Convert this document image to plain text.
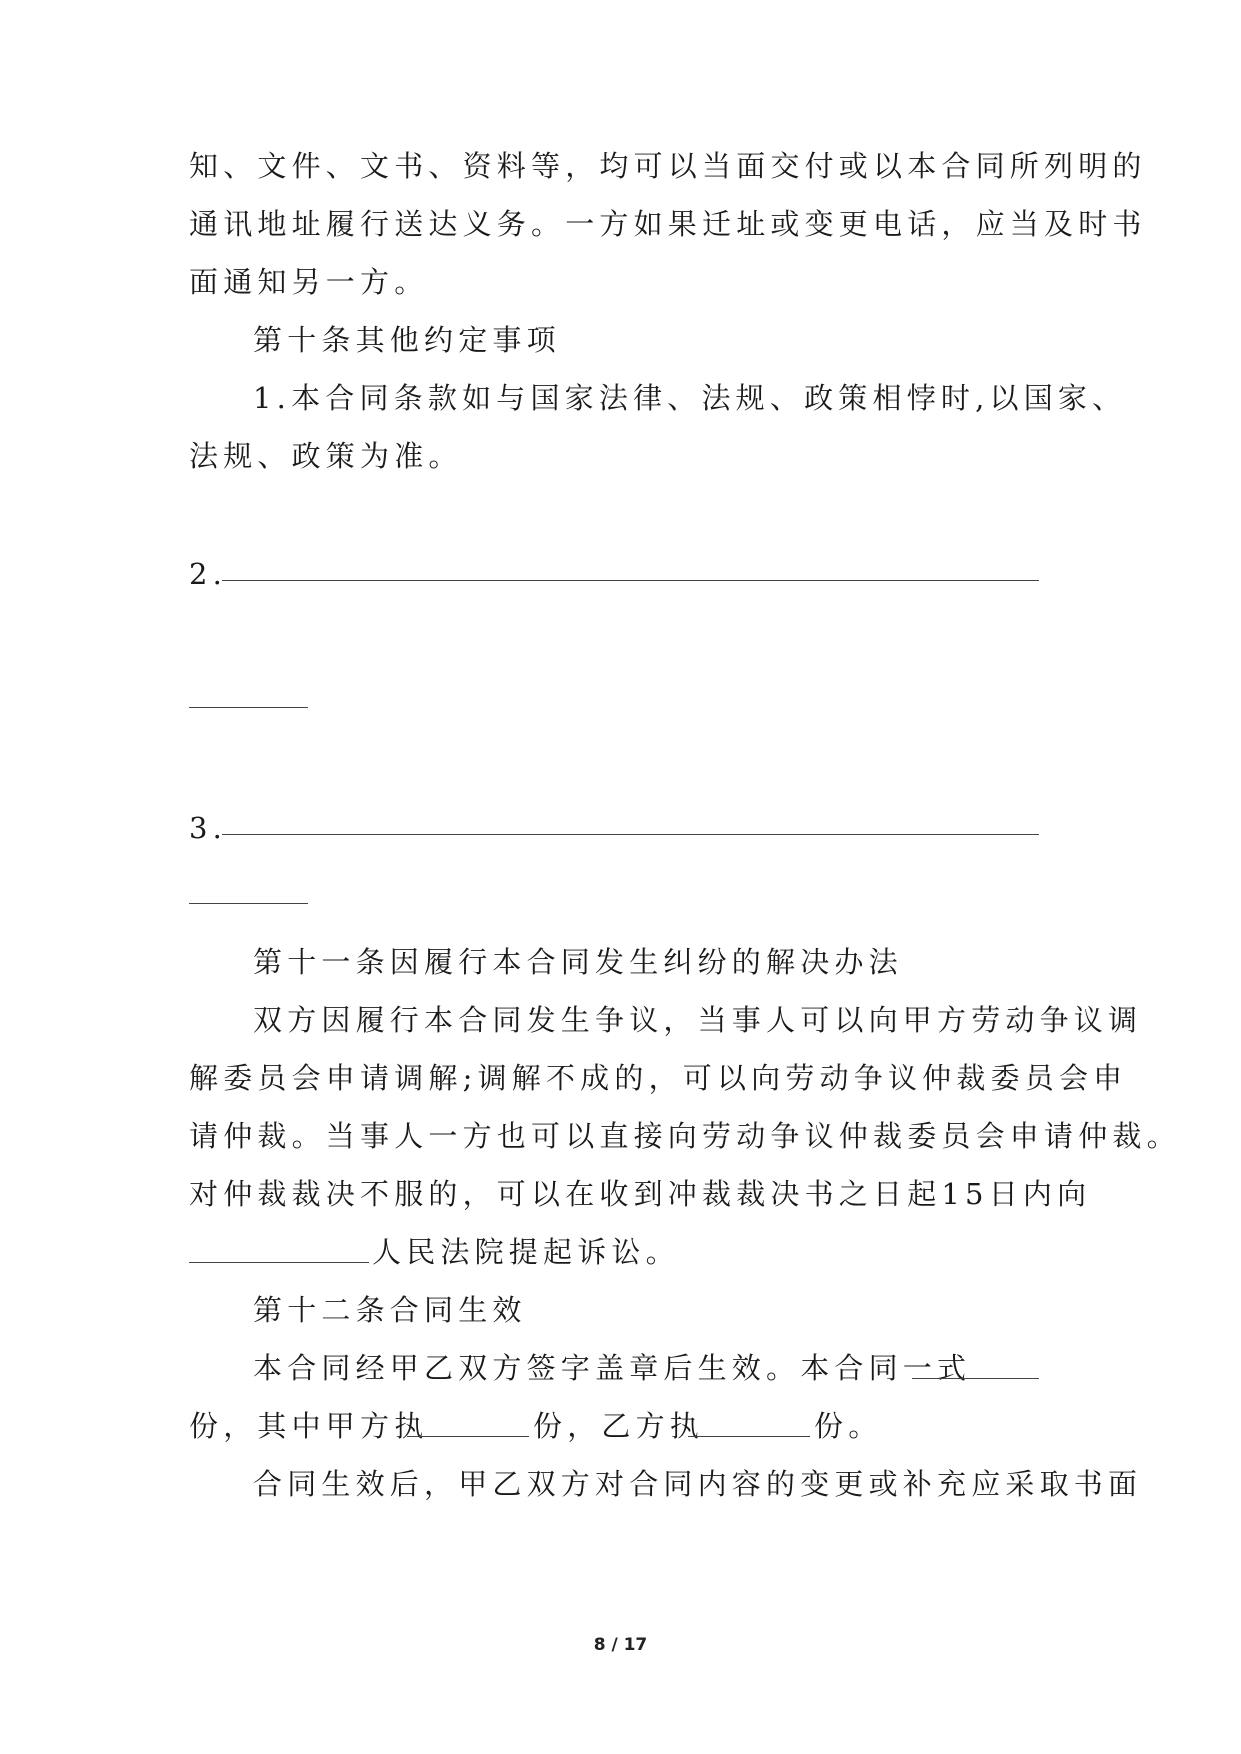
知、文件、文书、资料等，均可以当面交付或以本合同所列明的
通讯地址履行送达义务。一方如果迁址或变更电话，应当及时书
面通知另一方。
第十条其他约定事项
1.本合同条款如与国家法律、法规、政策相悖时,以国家、
法规、政策为准。
2.
3.
第十一条因履行本合同发生纠纷的解决办法
双方因履行本合同发生争议，当事人可以向甲方劳动争议调
解委员会申请调解;调解不成的，可以向劳动争议仲裁委员会申
请仲裁。当事人一方也可以直接向劳动争议仲裁委员会申请仲裁。
对仲裁裁决不服的，可以在收到冲裁裁决书之日起15日内向
人民法院提起诉讼。
第十二条合同生效
本合同经甲乙双方签字盖章后生效。本合同一式
份，其中甲方执	份，乙方执	份。
合同生效后，甲乙双方对合同内容的变更或补充应采取书面
8 / 17
